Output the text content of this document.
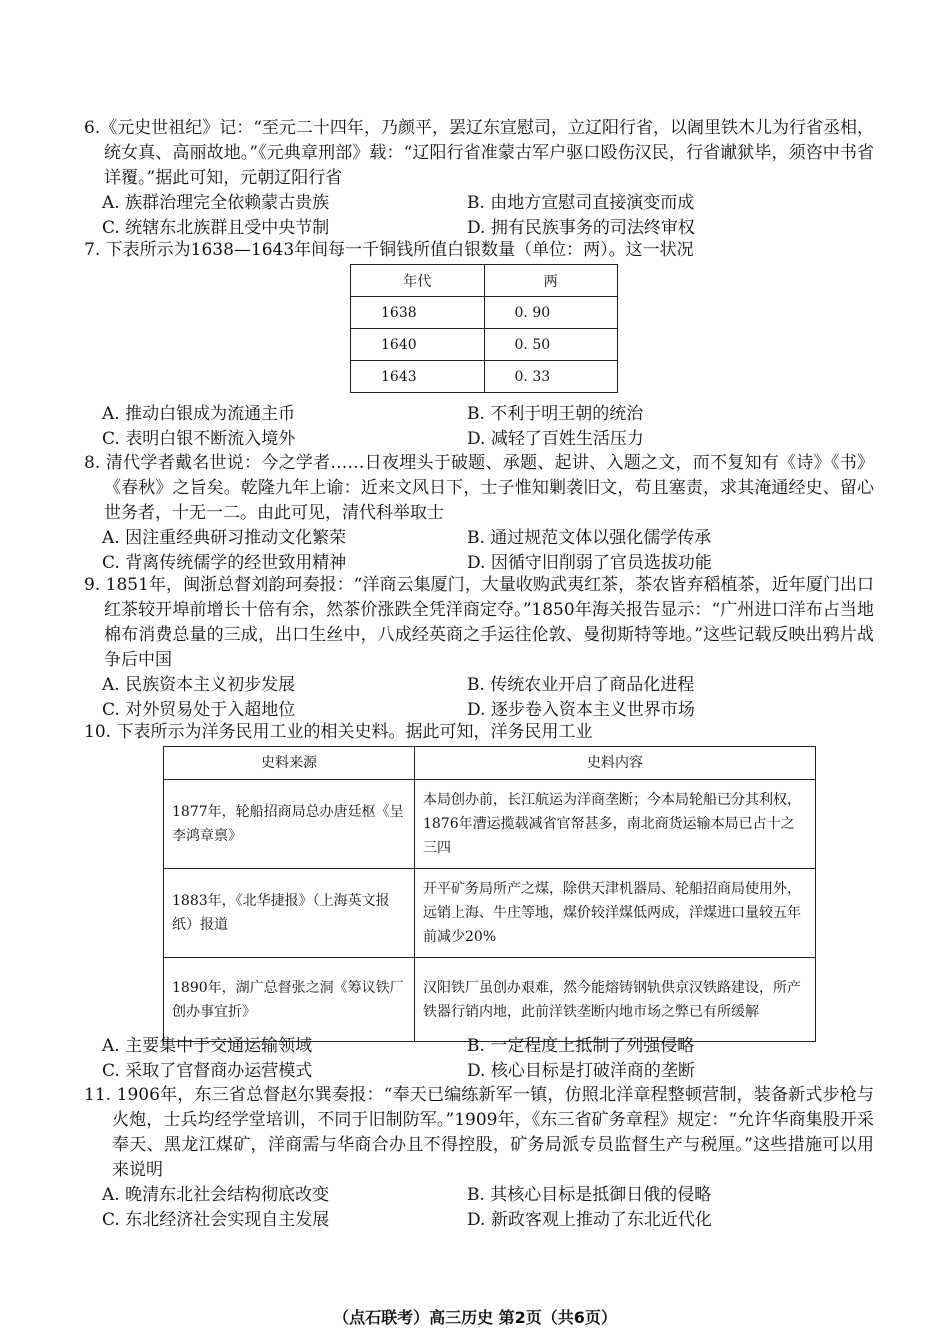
6.《元史世祖纪》记：“至元二十四年，乃颜平，罢辽东宣慰司，立辽阳行省，以阇里铁木儿为行省丞相，统女真、高丽故地。”《元典章刑部》载：“辽阳行省准蒙古军户驱口殴伤汉民，行省谳狱毕，须咨中书省详覆。”据此可知，元朝辽阳行省

A. 族群治理完全依赖蒙古贵族	B. 由地方宣慰司直接演变而成
C. 统辖东北族群且受中央节制	D. 拥有民族事务的司法终审权

7. 下表所示为1638—1643年间每一千铜钱所值白银数量（单位：两）。这一状况

年代	两
1638	0. 90
1640	0. 50
1643	0. 33
A. 推动白银成为流通主币	B. 不利于明王朝的统治
C. 表明白银不断流入境外	D. 减轻了百姓生活压力

8. 清代学者戴名世说：今之学者……日夜埋头于破题、承题、起讲、入题之文，而不复知有《诗》《书》《春秋》之旨矣。乾隆九年上谕：近来文风日下，士子惟知剿袭旧文，苟且塞责，求其淹通经史、留心世务者，十无一二。由此可见，清代科举取士

A. 因注重经典研习推动文化繁荣	B. 通过规范文体以强化儒学传承
C. 背离传统儒学的经世致用精神	D. 因循守旧削弱了官员选拔功能

9. 1851年，闽浙总督刘韵珂奏报：“洋商云集厦门，大量收购武夷红茶，茶农皆弃稻植茶，近年厦门出口红茶较开埠前增长十倍有余，然茶价涨跌全凭洋商定夺。”1850年海关报告显示：“广州进口洋布占当地棉布消费总量的三成，出口生丝中，八成经英商之手运往伦敦、曼彻斯特等地。”这些记载反映出鸦片战争后中国

A. 民族资本主义初步发展	B. 传统农业开启了商品化进程
C. 对外贸易处于入超地位	D. 逐步卷入资本主义世界市场

10. 下表所示为洋务民用工业的相关史料。据此可知，洋务民用工业

史料来源	史料内容
1877年，轮船招商局总办唐廷枢《呈李鸿章禀》	本局创办前，长江航运为洋商垄断；今本局轮船已分其利权，1876年漕运揽载减省官帑甚多，南北商货运输本局已占十之三四
1883年，《北华捷报》（上海英文报纸）报道	开平矿务局所产之煤，除供天津机器局、轮船招商局使用外，远销上海、牛庄等地，煤价较洋煤低两成，洋煤进口量较五年前减少20%
1890年，湖广总督张之洞《筹议铁厂创办事宜折》	汉阳铁厂虽创办艰难，然今能熔铸钢轨供京汉铁路建设，所产铁器行销内地，此前洋铁垄断内地市场之弊已有所缓解
A. 主要集中于交通运输领域	B. 一定程度上抵制了列强侵略
C. 采取了官督商办运营模式	D. 核心目标是打破洋商的垄断

11. 1906年，东三省总督赵尔巽奏报：“奉天已编练新军一镇，仿照北洋章程整顿营制，装备新式步枪与火炮，士兵均经学堂培训，不同于旧制防军。”1909年，《东三省矿务章程》规定：“允许华商集股开采奉天、黑龙江煤矿，洋商需与华商合办且不得控股，矿务局派专员监督生产与税厘。”这些措施可以用来说明

A. 晚清东北社会结构彻底改变	B. 其核心目标是抵御日俄的侵略
C. 东北经济社会实现自主发展	D. 新政客观上推动了东北近代化
（点石联考）高三历史 第2页（共6页）
